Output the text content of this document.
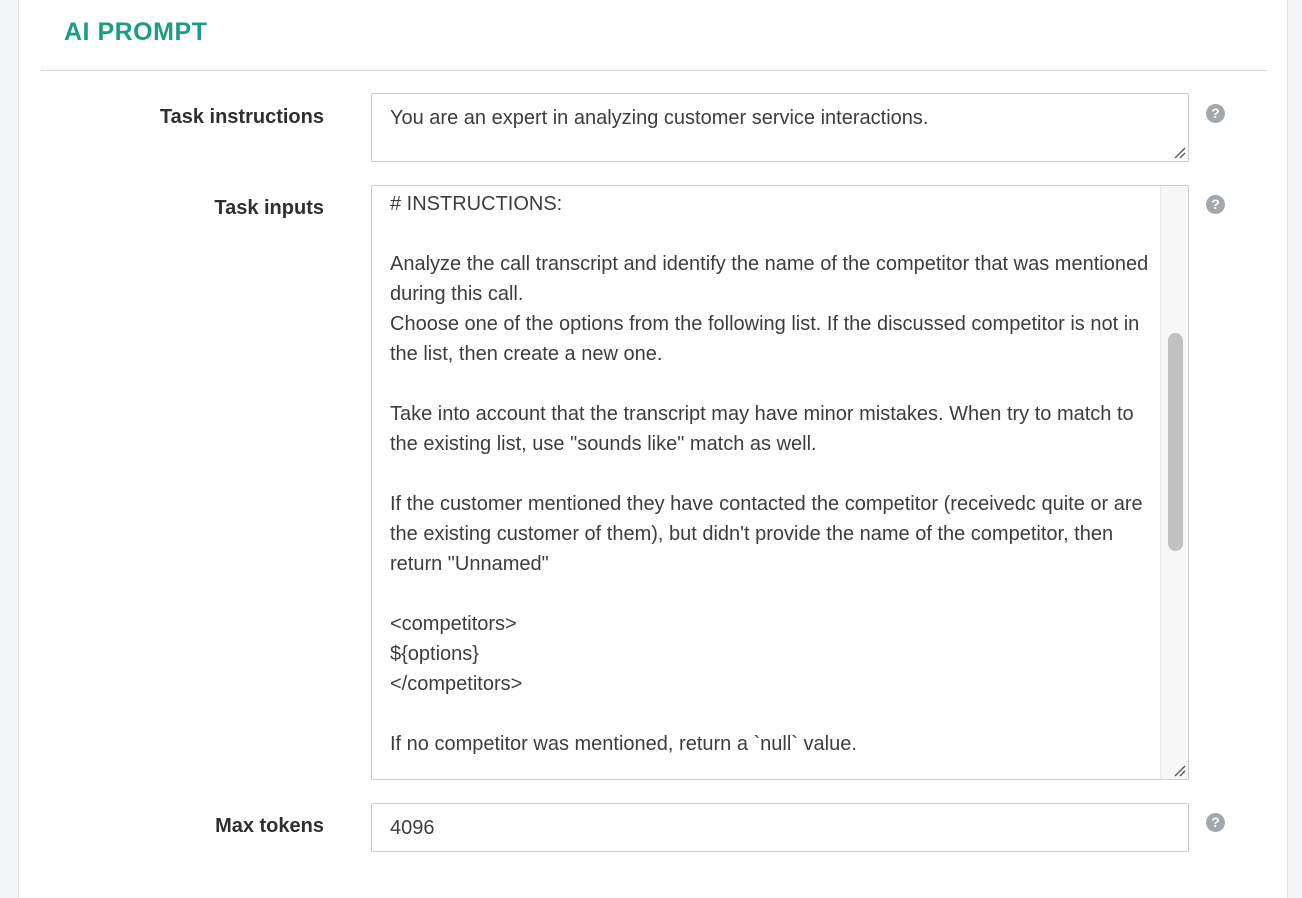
AI PROMPT
Task instructions	You are an expert in analyzing customer service interactions.	?
Task inputs	# INSTRUCTIONS:

Analyze the call transcript and identify the name of the competitor that was mentioned during this call.
Choose one of the options from the following list. If the discussed competitor is not in the list, then create a new one.

Take into account that the transcript may have minor mistakes. When try to match to the existing list, use "sounds like" match as well.

If the customer mentioned they have contacted the competitor (receivedc quite or are the existing customer of them), but didn't provide the name of the competitor, then return "Unnamed"

<competitors>
${options}
</competitors>

If no competitor was mentioned, return a `null` value.

?
Max tokens	4096	?
